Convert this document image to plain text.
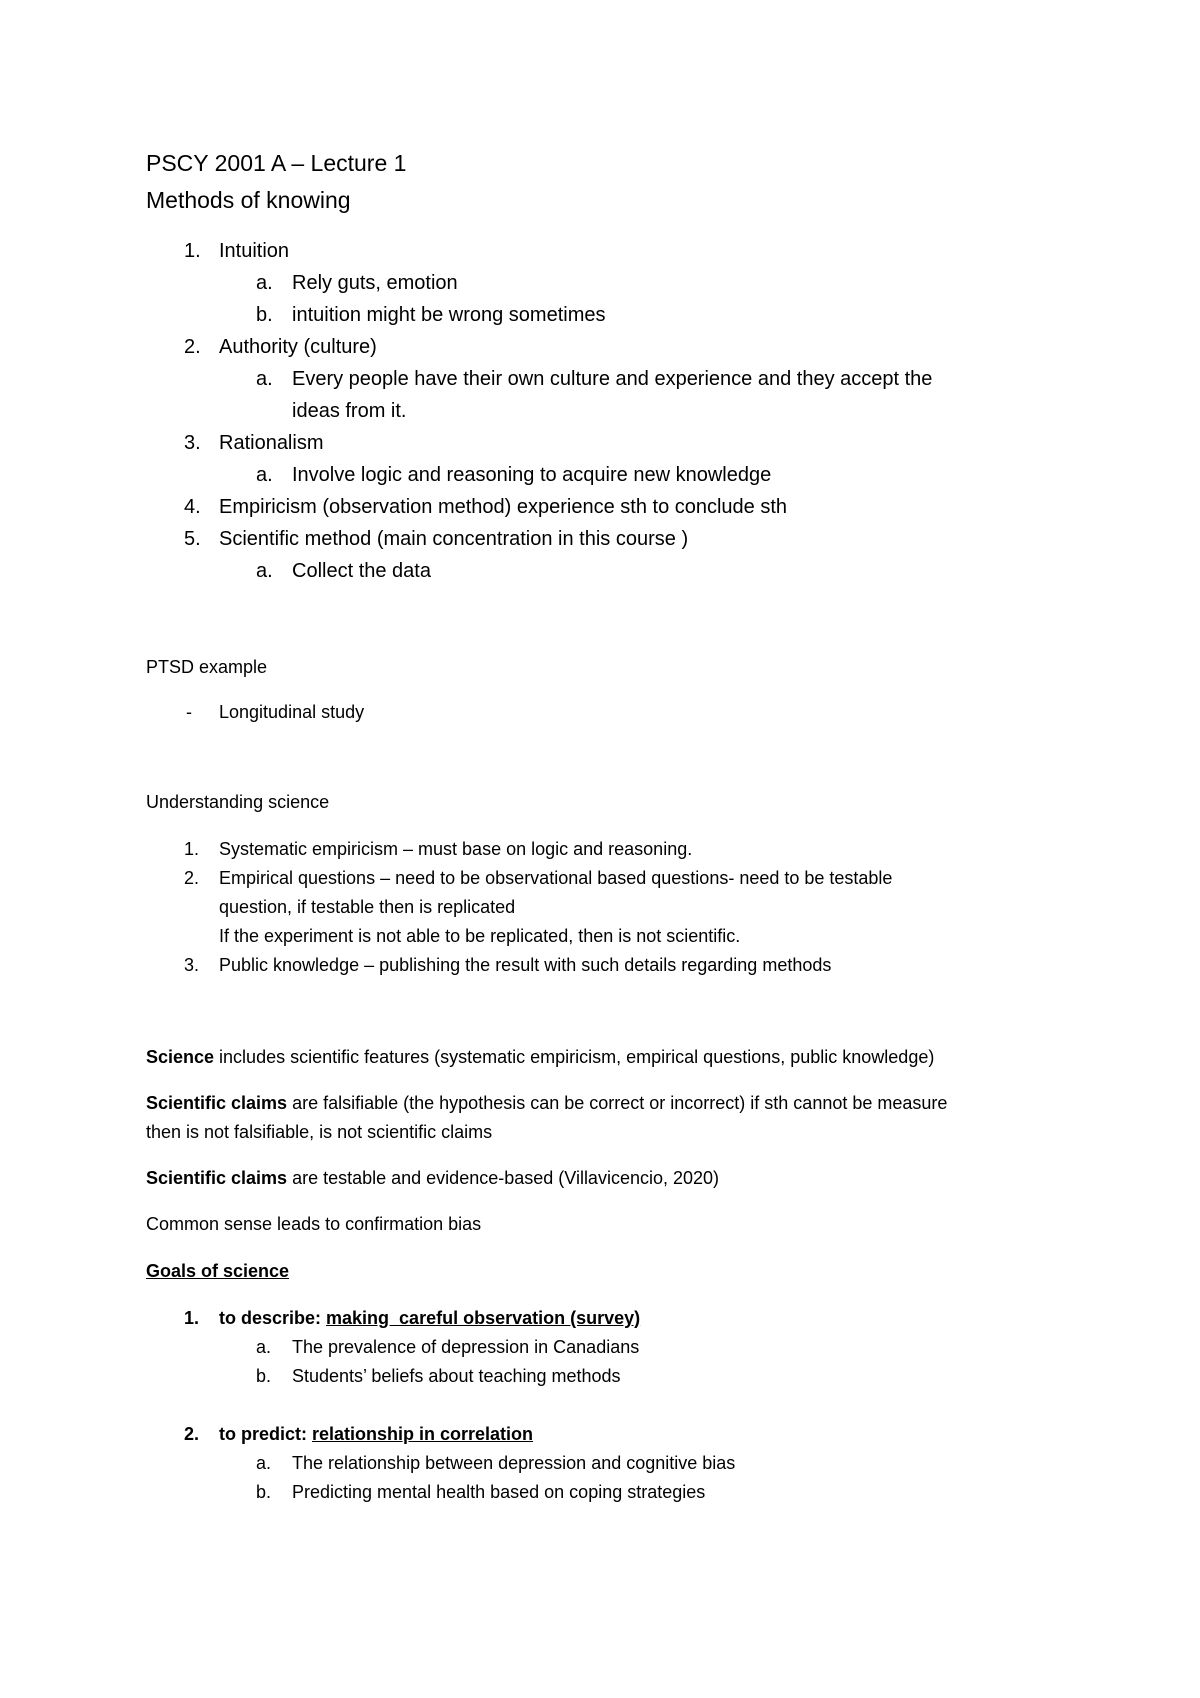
PSCY 2001 A – Lecture 1
Methods of knowing
1. Intuition
a. Rely guts, emotion
b. intuition might be wrong sometimes
2. Authority (culture)
a. Every people have their own culture and experience and they accept the
ideas from it.
3. Rationalism
a. Involve logic and reasoning to acquire new knowledge
4. Empiricism (observation method) experience sth to conclude sth
5. Scientific method (main concentration in this course )
a. Collect the data
PTSD example
- Longitudinal study
Understanding science
1. Systematic empiricism – must base on logic and reasoning.
2. Empirical questions – need to be observational based questions- need to be testable
question, if testable then is replicated
If the experiment is not able to be replicated, then is not scientific.
3. Public knowledge – publishing the result with such details regarding methods
Science includes scientific features (systematic empiricism, empirical questions, public knowledge)
Scientific claims are falsifiable (the hypothesis can be correct or incorrect) if sth cannot be measure
then is not falsifiable, is not scientific claims
Scientific claims are testable and evidence-based (Villavicencio, 2020)
Common sense leads to confirmation bias
Goals of science
1. to describe: making  careful observation (survey)
a. The prevalence of depression in Canadians
b. Students’ beliefs about teaching methods
2. to predict: relationship in correlation
a. The relationship between depression and cognitive bias
b. Predicting mental health based on coping strategies
